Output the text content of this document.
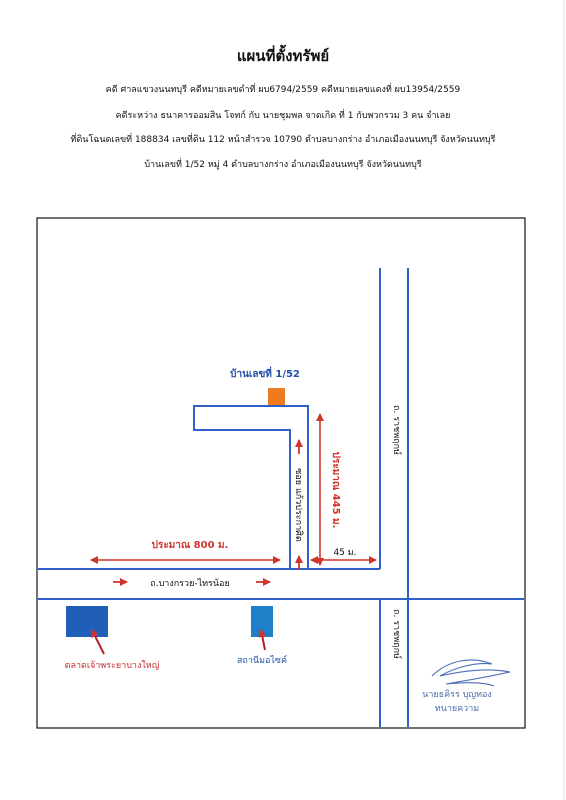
แผนที่ตั้งทรัพย์
คดี ศาลแขวงนนทบุรี คดีหมายเลขดำที่ ผบ6794/2559 คดีหมายเลขแดงที่ ผบ13954/2559
คดีระหว่าง ธนาคารออมสิน โจทก์ กับ นายชุมพล จาดเกิด ที่ 1 กับพวกรวม 3 คน จำเลย
ที่ดินโฉนดเลขที่ 188834 เลขที่ดิน 112 หน้าสำรวจ 10790 ตำบลบางกร่าง อำเภอเมืองนนทบุรี จังหวัดนนทบุรี
บ้านเลขที่ 1/52 หมู่ 4 ตำบลบางกร่าง อำเภอเมืองนนทบุรี จังหวัดนนทบุรี
บ้านเลขที่ 1/52
ซอย แก้วประกาศิต	ประมาณ 445 ม.
ประมาณ 800 ม.
45 ม.
ถ.บางกรวย-ไทรน้อย
ถ. ราชพฤกษ์
ถ. ราชพฤกษ์
ตลาดเจ้าพระยาบางใหญ่	สถานีมอไซค์
นายธคิรร บุญทอง
ทนายความ
